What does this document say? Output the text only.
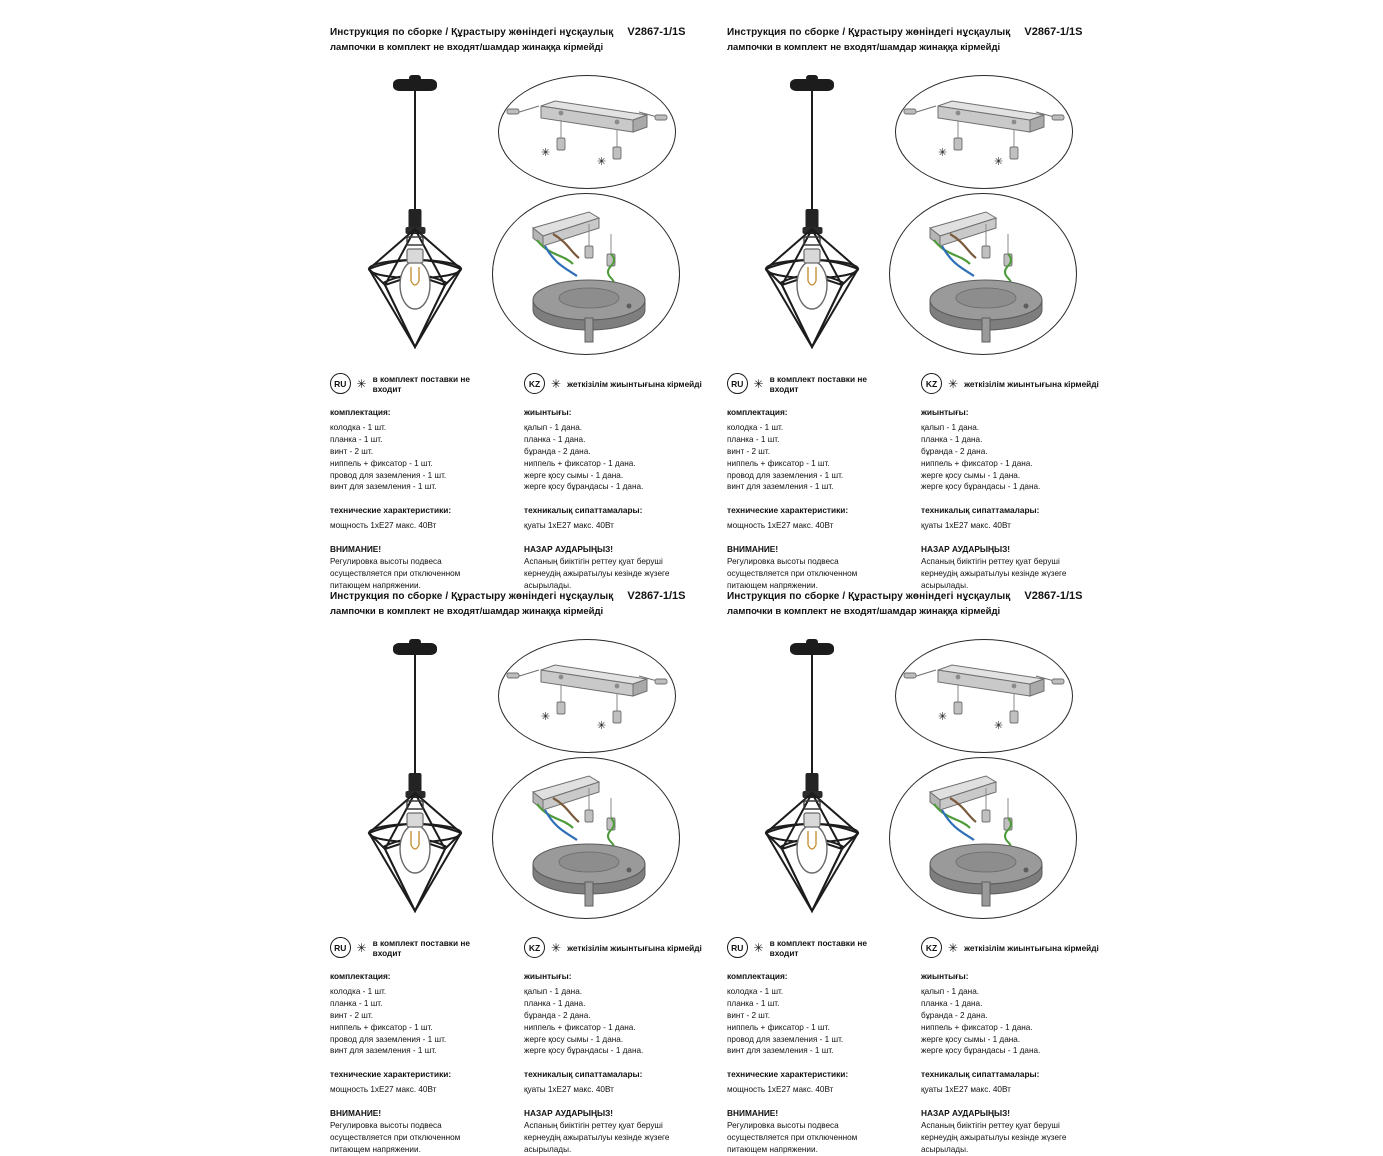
Инструкция по сборке / Құрастыру жөніндегі нұсқаулық V2867-1/1S
лампочки в комплект не входят/шамдар жинаққа кірмейді
✳
✳
RU ✳ в комплект поставки не входит	KZ ✳ жеткізілім жиынтығына кірмейді
комплектация:
колодка - 1 шт.
планка - 1 шт.
винт - 2 шт.
ниппель + фиксатор - 1 шт.
провод для заземления - 1 шт.
винт для заземления - 1 шт.
технические характеристики:
мощность 1хЕ27 макс. 40Вт
ВНИМАНИЕ!
Регулировка высоты подвеса осуществляется при отключенном питающем напряжении.
жиынтығы:
қалып - 1 дана.
планка - 1 дана.
бұранда - 2 дана.
ниппель + фиксатор - 1 дана.
жерге қосу сымы - 1 дана.
жерге қосу бұрандасы - 1 дана.
техникалық сипаттамалары:
қуаты 1хЕ27 макс. 40Вт
НАЗАР АУДАРЫҢЫЗ!
Аспаның биіктігін реттеу қуат беруші кернеудің ажыратылуы кезінде жүзеге асырылады.
Инструкция по сборке / Құрастыру жөніндегі нұсқаулық V2867-1/1S
лампочки в комплект не входят/шамдар жинаққа кірмейді
✳
✳
RU ✳ в комплект поставки не входит	KZ ✳ жеткізілім жиынтығына кірмейді
комплектация:
колодка - 1 шт.
планка - 1 шт.
винт - 2 шт.
ниппель + фиксатор - 1 шт.
провод для заземления - 1 шт.
винт для заземления - 1 шт.
технические характеристики:
мощность 1хЕ27 макс. 40Вт
ВНИМАНИЕ!
Регулировка высоты подвеса осуществляется при отключенном питающем напряжении.
жиынтығы:
қалып - 1 дана.
планка - 1 дана.
бұранда - 2 дана.
ниппель + фиксатор - 1 дана.
жерге қосу сымы - 1 дана.
жерге қосу бұрандасы - 1 дана.
техникалық сипаттамалары:
қуаты 1хЕ27 макс. 40Вт
НАЗАР АУДАРЫҢЫЗ!
Аспаның биіктігін реттеу қуат беруші кернеудің ажыратылуы кезінде жүзеге асырылады.
Инструкция по сборке / Құрастыру жөніндегі нұсқаулық V2867-1/1S
лампочки в комплект не входят/шамдар жинаққа кірмейді
✳
✳
RU ✳ в комплект поставки не входит	KZ ✳ жеткізілім жиынтығына кірмейді
комплектация:
колодка - 1 шт.
планка - 1 шт.
винт - 2 шт.
ниппель + фиксатор - 1 шт.
провод для заземления - 1 шт.
винт для заземления - 1 шт.
технические характеристики:
мощность 1хЕ27 макс. 40Вт
ВНИМАНИЕ!
Регулировка высоты подвеса осуществляется при отключенном питающем напряжении.
жиынтығы:
қалып - 1 дана.
планка - 1 дана.
бұранда - 2 дана.
ниппель + фиксатор - 1 дана.
жерге қосу сымы - 1 дана.
жерге қосу бұрандасы - 1 дана.
техникалық сипаттамалары:
қуаты 1хЕ27 макс. 40Вт
НАЗАР АУДАРЫҢЫЗ!
Аспаның биіктігін реттеу қуат беруші кернеудің ажыратылуы кезінде жүзеге асырылады.
Инструкция по сборке / Құрастыру жөніндегі нұсқаулық V2867-1/1S
лампочки в комплект не входят/шамдар жинаққа кірмейді
✳
✳
RU ✳ в комплект поставки не входит	KZ ✳ жеткізілім жиынтығына кірмейді
комплектация:
колодка - 1 шт.
планка - 1 шт.
винт - 2 шт.
ниппель + фиксатор - 1 шт.
провод для заземления - 1 шт.
винт для заземления - 1 шт.
технические характеристики:
мощность 1хЕ27 макс. 40Вт
ВНИМАНИЕ!
Регулировка высоты подвеса осуществляется при отключенном питающем напряжении.
жиынтығы:
қалып - 1 дана.
планка - 1 дана.
бұранда - 2 дана.
ниппель + фиксатор - 1 дана.
жерге қосу сымы - 1 дана.
жерге қосу бұрандасы - 1 дана.
техникалық сипаттамалары:
қуаты 1хЕ27 макс. 40Вт
НАЗАР АУДАРЫҢЫЗ!
Аспаның биіктігін реттеу қуат беруші кернеудің ажыратылуы кезінде жүзеге асырылады.
